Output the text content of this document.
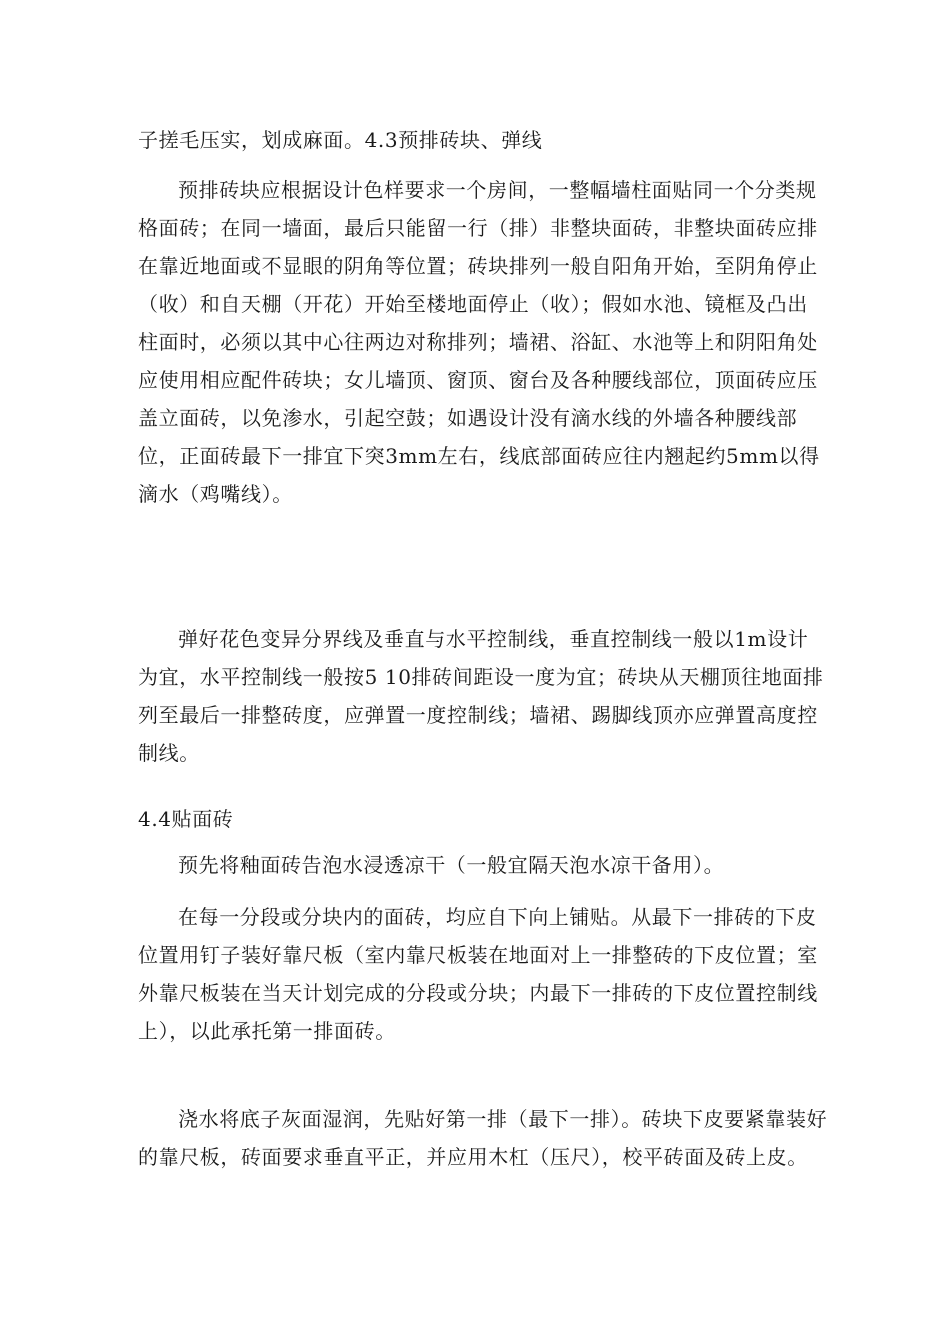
子搓毛压实，划成麻面。4.3预排砖块、弹线

预排砖块应根据设计色样要求一个房间，一整幅墙柱面贴同一个分类规格面砖；在同一墙面，最后只能留一行（排）非整块面砖，非整块面砖应排在靠近地面或不显眼的阴角等位置；砖块排列一般自阳角开始，至阴角停止（收）和自天棚（开花）开始至楼地面停止（收）；假如水池、镜框及凸出柱面时，必须以其中心往两边对称排列；墙裙、浴缸、水池等上和阴阳角处应使用相应配件砖块；女儿墙顶、窗顶、窗台及各种腰线部位，顶面砖应压盖立面砖，以免渗水，引起空鼓；如遇设计没有滴水线的外墙各种腰线部位，正面砖最下一排宜下突3mm左右，线底部面砖应往内翘起约5mm以得滴水（鸡嘴线）。

弹好花色变异分界线及垂直与水平控制线，垂直控制线一般以1m设计为宜，水平控制线一般按5 10排砖间距设一度为宜；砖块从天棚顶往地面排列至最后一排整砖度，应弹置一度控制线；墙裙、踢脚线顶亦应弹置高度控制线。

4.4贴面砖

预先将釉面砖告泡水浸透凉干（一般宜隔天泡水凉干备用）。

在每一分段或分块内的面砖，均应自下向上铺贴。从最下一排砖的下皮位置用钉子装好靠尺板（室内靠尺板装在地面对上一排整砖的下皮位置；室外靠尺板装在当天计划完成的分段或分块；内最下一排砖的下皮位置控制线上），以此承托第一排面砖。

浇水将底子灰面湿润，先贴好第一排（最下一排）。砖块下皮要紧靠装好的靠尺板，砖面要求垂直平正，并应用木杠（压尺），校平砖面及砖上皮。
